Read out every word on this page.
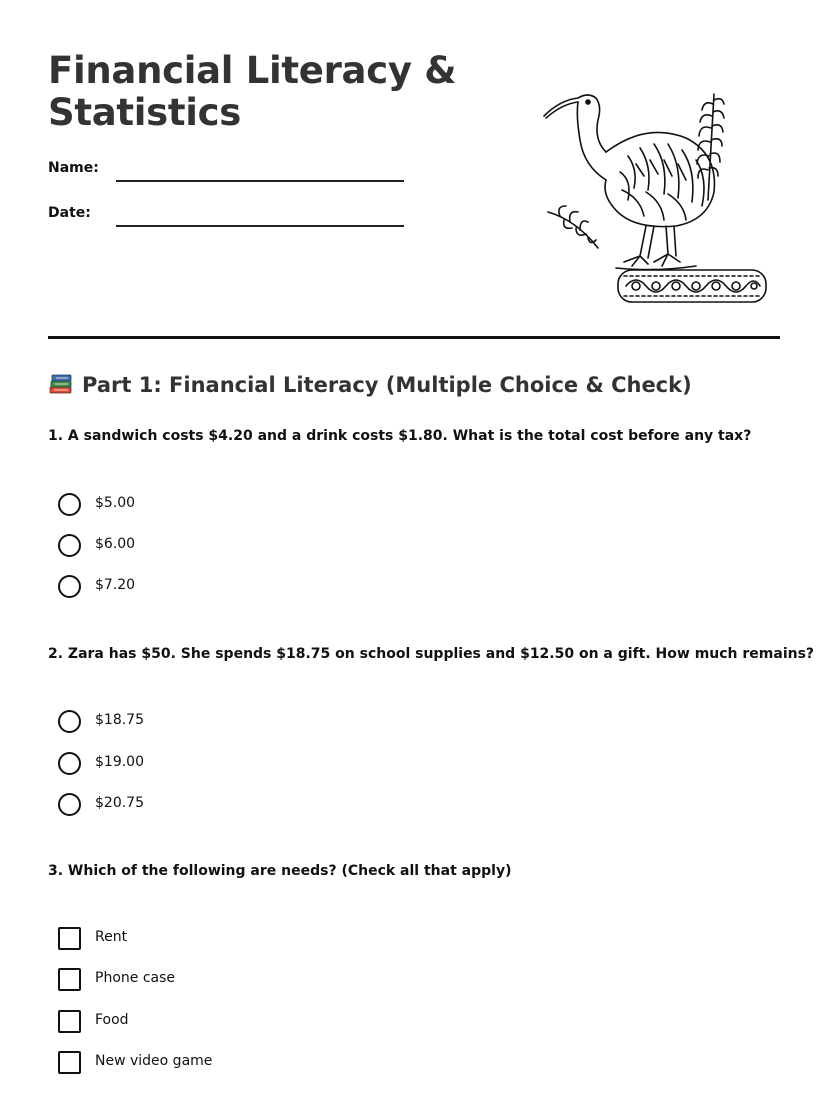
Financial Literacy & Statistics
Name:
Date:
Part 1: Financial Literacy (Multiple Choice & Check)

1. A sandwich costs $4.20 and a drink costs $1.80. What is the total cost before any tax?

$5.00
$6.00
$7.20

2. Zara has $50. She spends $18.75 on school supplies and $12.50 on a gift. How much remains?

$18.75
$19.00
$20.75

3. Which of the following are needs? (Check all that apply)

Rent
Phone case
Food
New video game
